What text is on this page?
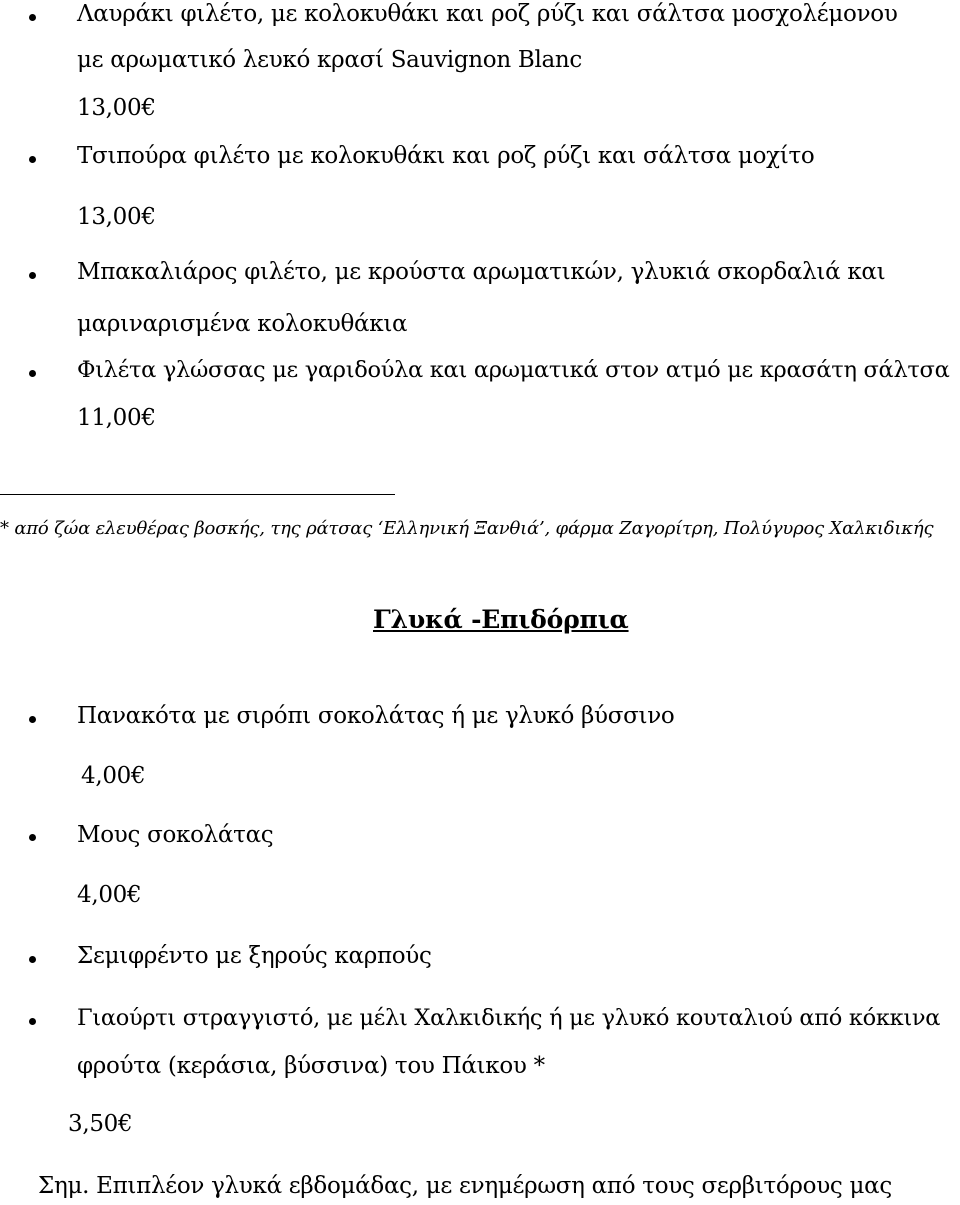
Λαυράκι φιλέτο, με κολοκυθάκι και ροζ ρύζι και σάλτσα μοσχολέμονου
με αρωματικό λευκό κρασί Sauvignon Blanc
13,00€
Τσιπούρα φιλέτο με κολοκυθάκι και ροζ ρύζι και σάλτσα μοχίτο
13,00€
Μπακαλιάρος φιλέτο, με κρούστα αρωματικών, γλυκιά σκορδαλιά και
μαριναρισμένα κολοκυθάκια
Φιλέτα γλώσσας με γαριδούλα και αρωματικά στον ατμό με κρασάτη σάλτσα
11,00€
* από ζώα ελευθέρας βοσκής, της ράτσας ‘Ελληνική Ξανθιά’, φάρμα Ζαγορίτρη, Πολύγυρος Χαλκιδικής
Γλυκά -Επιδόρπια
Πανακότα με σιρόπι σοκολάτας ή με γλυκό βύσσινο
4,00€
Μους σοκολάτας
4,00€
Σεμιφρέντο με ξηρούς καρπούς
Γιαούρτι στραγγιστό, με μέλι Χαλκιδικής ή με γλυκό κουταλιού από κόκκινα
φρούτα (κεράσια, βύσσινα) του Πάικου *
3,50€
Σημ. Επιπλέον γλυκά εβδομάδας, με ενημέρωση από τους σερβιτόρους μας
